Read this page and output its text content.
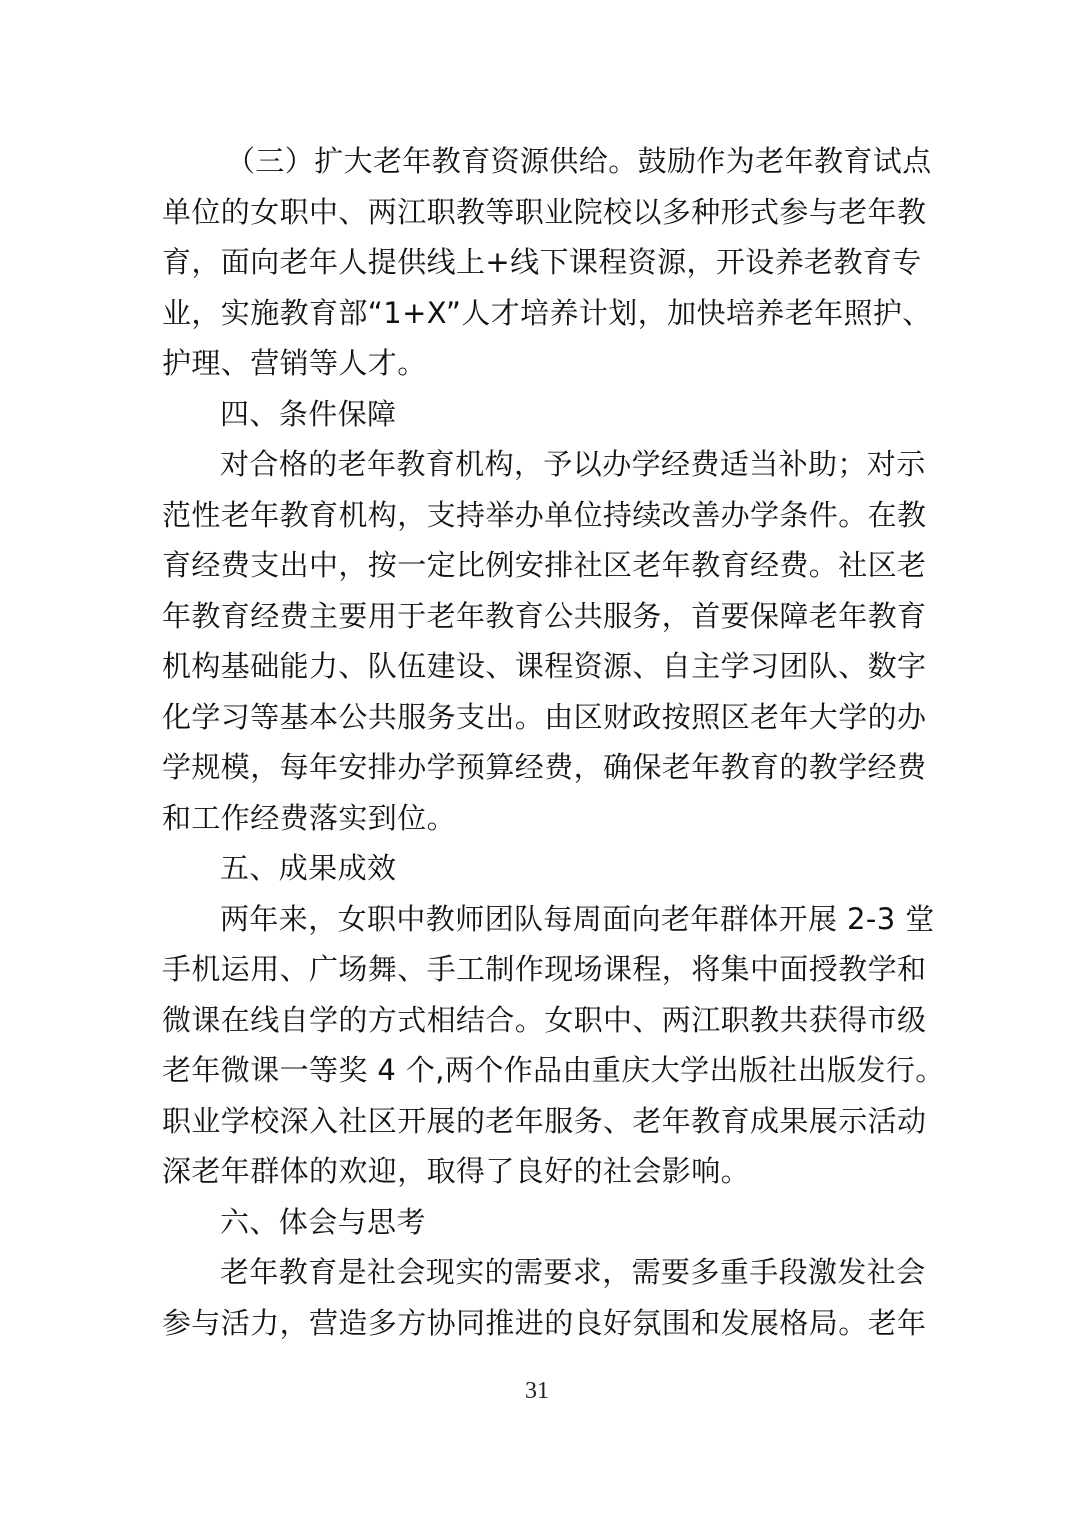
（三）扩大老年教育资源供给。鼓励作为老年教育试点
单位的女职中、两江职教等职业院校以多种形式参与老年教
育，面向老年人提供线上+线下课程资源，开设养老教育专
业，实施教育部“1+X”人才培养计划，加快培养老年照护、
护理、营销等人才。
四、条件保障
对合格的老年教育机构，予以办学经费适当补助；对示
范性老年教育机构，支持举办单位持续改善办学条件。在教
育经费支出中，按一定比例安排社区老年教育经费。社区老
年教育经费主要用于老年教育公共服务，首要保障老年教育
机构基础能力、队伍建设、课程资源、自主学习团队、数字
化学习等基本公共服务支出。由区财政按照区老年大学的办
学规模，每年安排办学预算经费，确保老年教育的教学经费
和工作经费落实到位。
五、成果成效
两年来，女职中教师团队每周面向老年群体开展 2-3 堂
手机运用、广场舞、手工制作现场课程，将集中面授教学和
微课在线自学的方式相结合。女职中、两江职教共获得市级
老年微课一等奖 4 个,两个作品由重庆大学出版社出版发行。
职业学校深入社区开展的老年服务、老年教育成果展示活动
深老年群体的欢迎，取得了良好的社会影响。
六、体会与思考
老年教育是社会现实的需要求，需要多重手段激发社会
参与活力，营造多方协同推进的良好氛围和发展格局。老年
31
